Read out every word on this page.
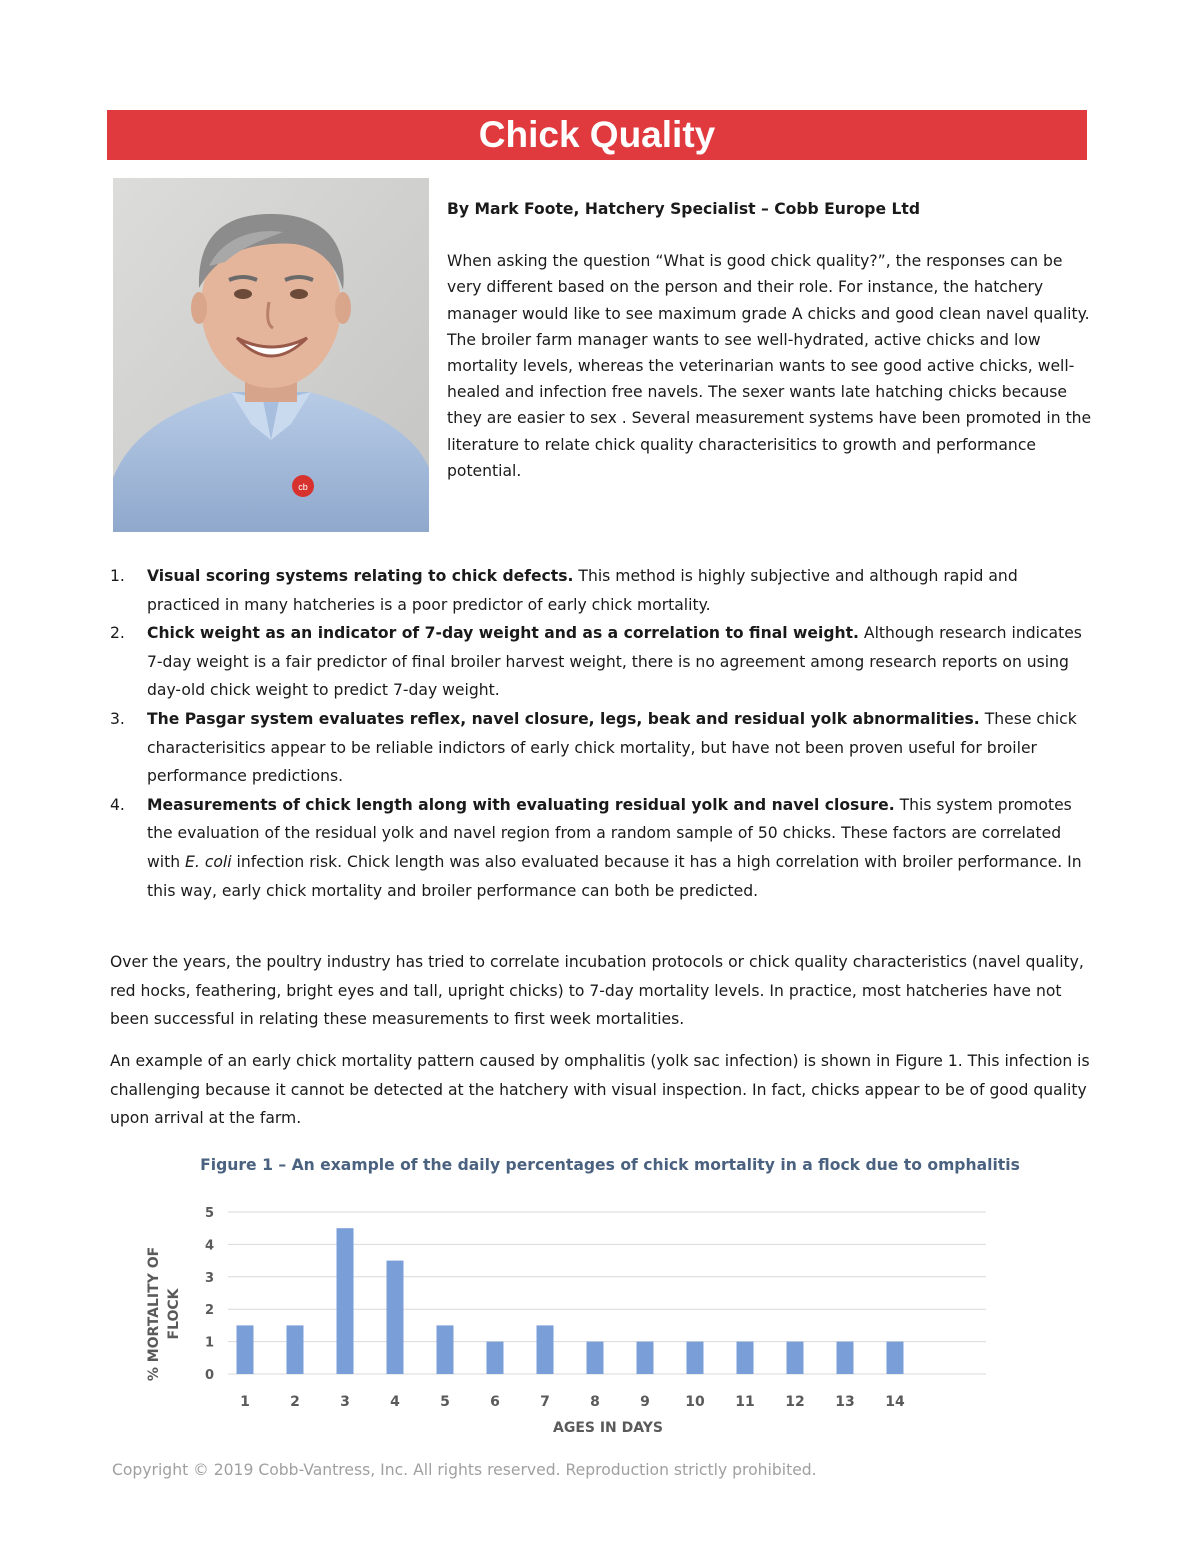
Chick Quality
cb

By Mark Foote, Hatchery Specialist – Cobb Europe Ltd

When asking the question “What is good chick quality?”, the responses can be very different based on the person and their role. For instance, the hatchery manager would like to see maximum grade A chicks and good clean navel quality. The broiler farm manager wants to see well-hydrated, active chicks and low mortality levels, whereas the veterinarian wants to see good active chicks, well-healed and infection free navels. The sexer wants late hatching chicks because they are easier to sex . Several measurement systems have been promoted in the literature to relate chick quality characterisitics to growth and performance potential.

1. Visual scoring systems relating to chick defects. This method is highly subjective and although rapid and practiced in many hatcheries is a poor predictor of early chick mortality.
2. Chick weight as an indicator of 7-day weight and as a correlation to final weight. Although research indicates 7-day weight is a fair predictor of final broiler harvest weight, there is no agreement among research reports on using day-old chick weight to predict 7-day weight.
3. The Pasgar system evaluates reflex, navel closure, legs, beak and residual yolk abnormalities. These chick characterisitics appear to be reliable indictors of early chick mortality, but have not been proven useful for broiler performance predictions.
4. Measurements of chick length along with evaluating residual yolk and navel closure. This system promotes the evaluation of the residual yolk and navel region from a random sample of 50 chicks. These factors are correlated with E. coli infection risk. Chick length was also evaluated because it has a high correlation with broiler performance. In this way, early chick mortality and broiler performance can both be predicted.

Over the years, the poultry industry has tried to correlate incubation protocols or chick quality characteristics (navel quality, red hocks, feathering, bright eyes and tall, upright chicks) to 7-day mortality levels. In practice, most hatcheries have not been successful in relating these measurements to first week mortalities.

An example of an early chick mortality pattern caused by omphalitis (yolk sac infection) is shown in Figure 1. This infection is challenging because it cannot be detected at the hatchery with visual inspection. In fact, chicks appear to be of good quality upon arrival at the farm.

Figure 1 – An example of the daily percentages of chick mortality in a flock due to omphalitis
0
1
2
3
4
5
1	2	3	4	5	6	7	8	9	10 11 12 13 14
AGES IN DAYS
% MORTALITY OF FLOCK
Copyright © 2019 Cobb-Vantress, Inc. All rights reserved. Reproduction strictly prohibited.
